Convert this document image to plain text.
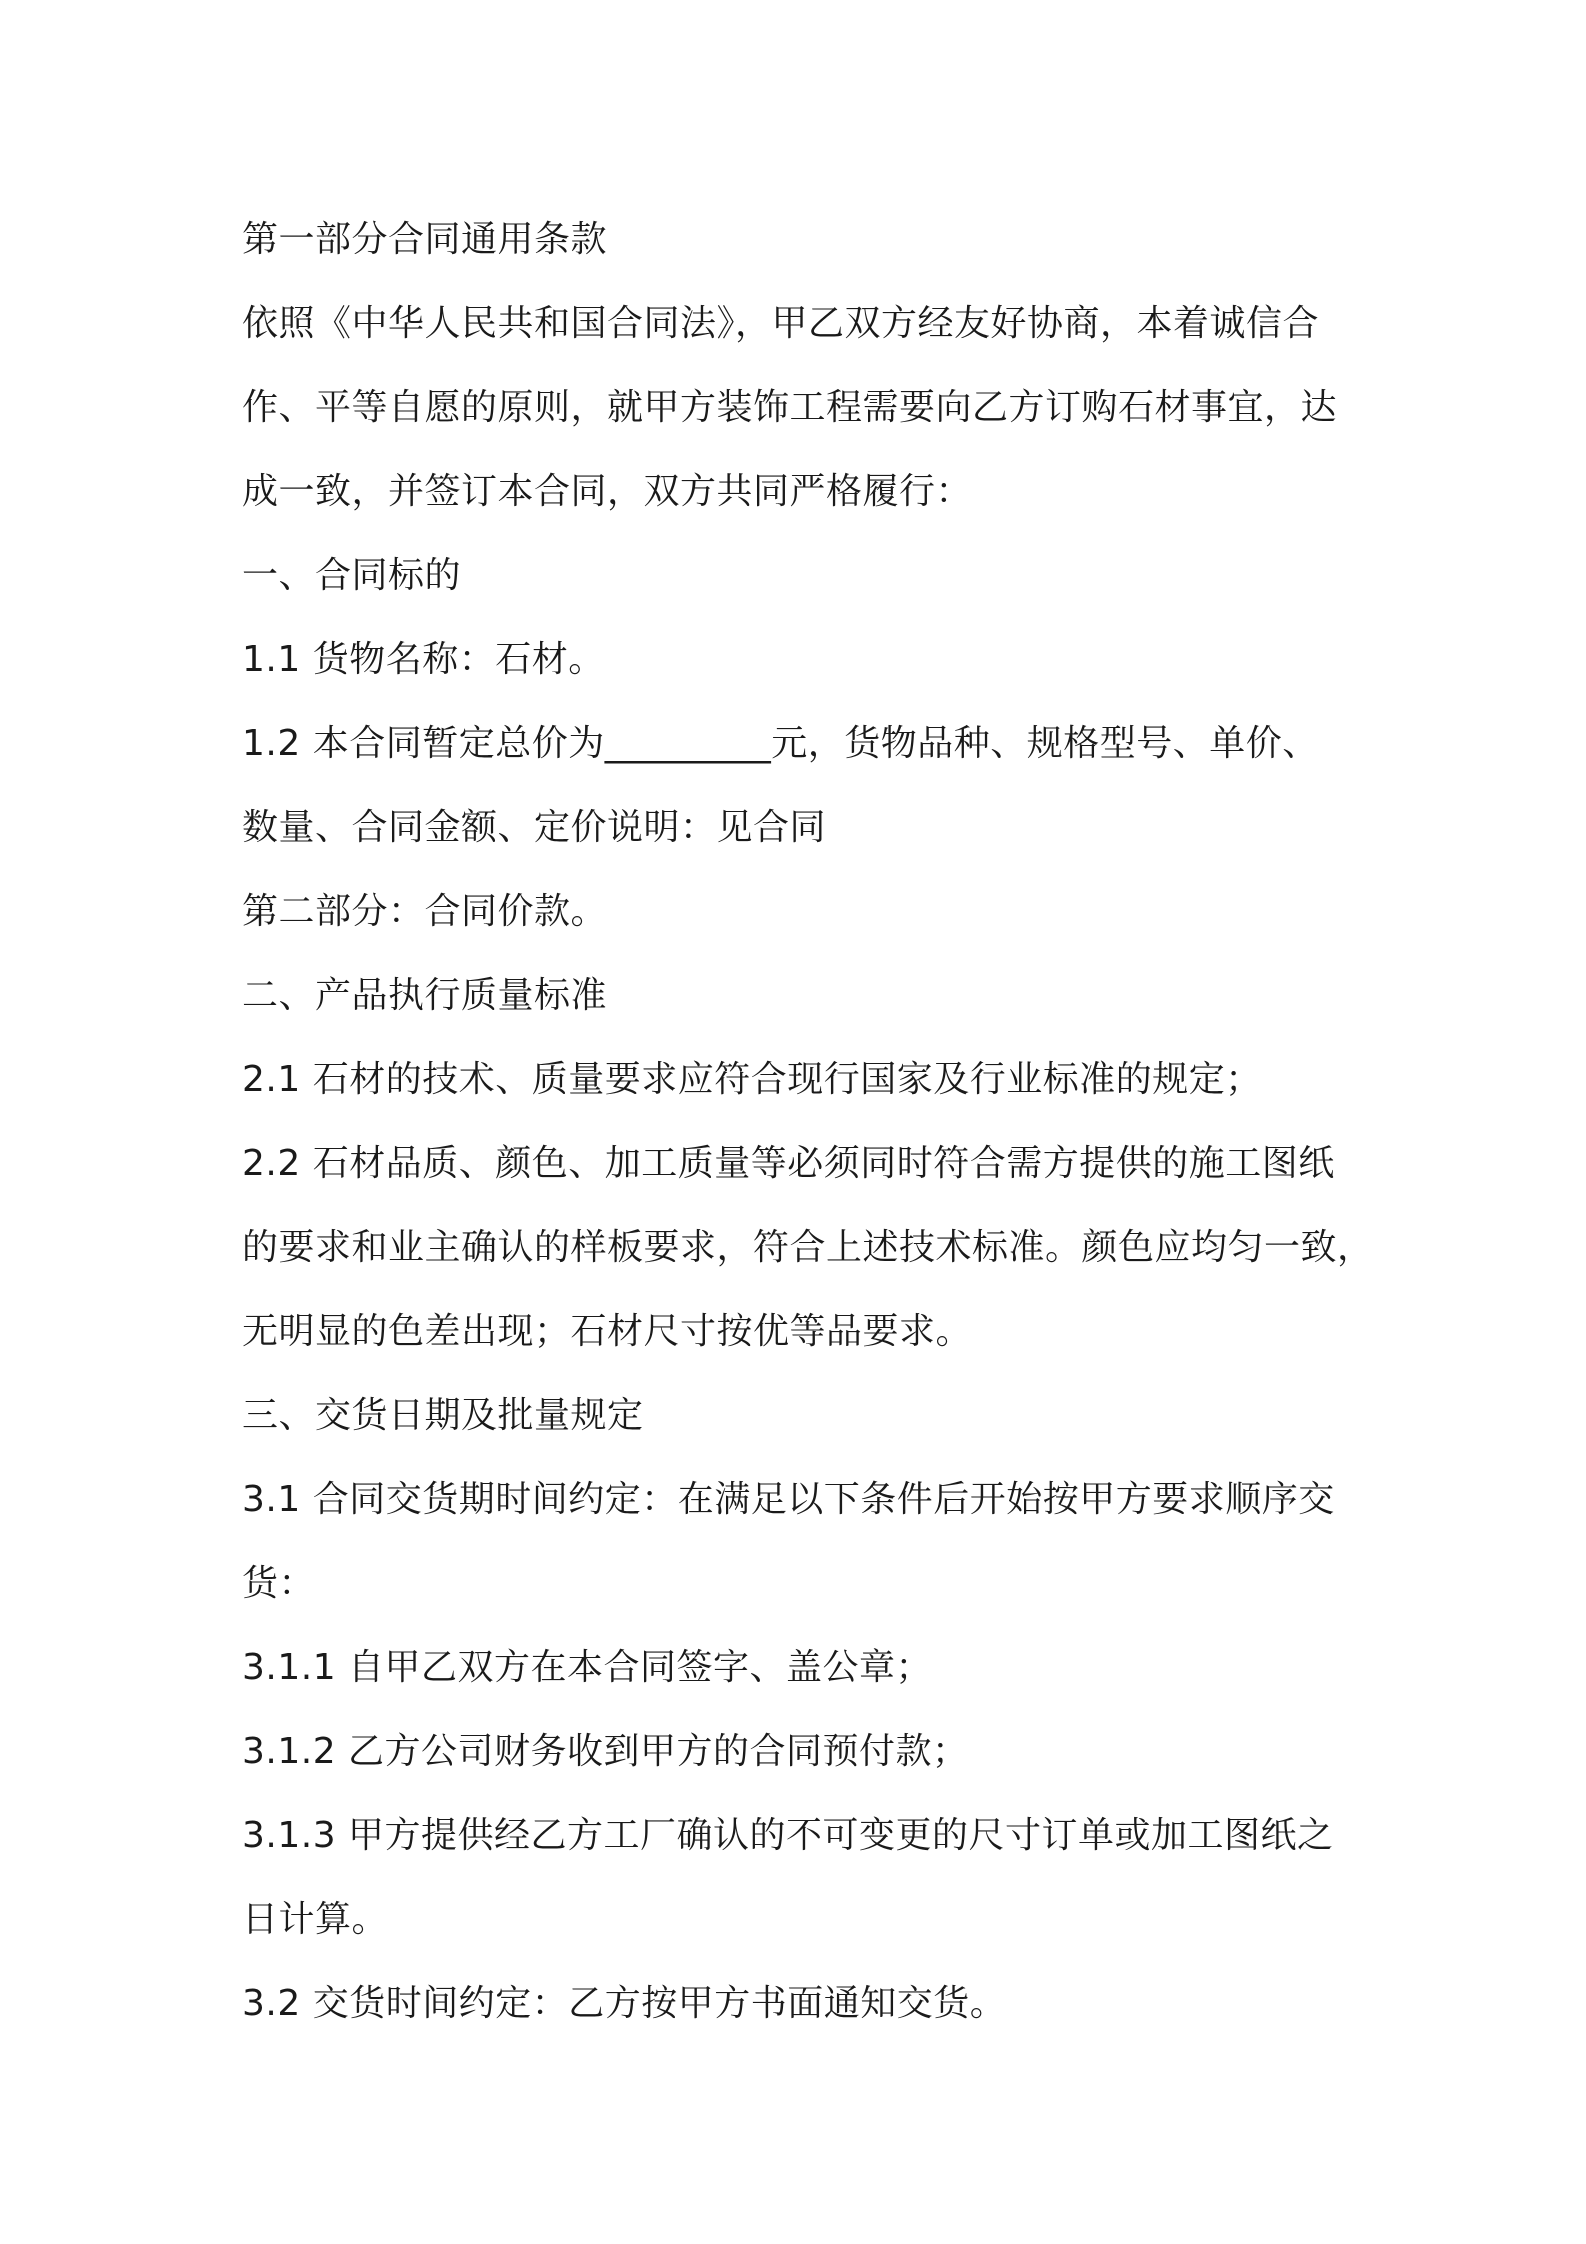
第一部分合同通用条款
依照《中华人民共和国合同法》，甲乙双方经友好协商，本着诚信合
作、平等自愿的原则，就甲方装饰工程需要向乙方订购石材事宜，达
成一致，并签订本合同，双方共同严格履行：
一、合同标的
1.1 货物名称：石材。
1.2 本合同暂定总价为_________元，货物品种、规格型号、单价、
数量、合同金额、定价说明：见合同
第二部分：合同价款。
二、产品执行质量标准
2.1 石材的技术、质量要求应符合现行国家及行业标准的规定；
2.2 石材品质、颜色、加工质量等必须同时符合需方提供的施工图纸
的要求和业主确认的样板要求，符合上述技术标准。颜色应均匀一致，
无明显的色差出现；石材尺寸按优等品要求。
三、交货日期及批量规定
3.1 合同交货期时间约定：在满足以下条件后开始按甲方要求顺序交
货：
3.1.1 自甲乙双方在本合同签字、盖公章；
3.1.2 乙方公司财务收到甲方的合同预付款；
3.1.3 甲方提供经乙方工厂确认的不可变更的尺寸订单或加工图纸之
日计算。
3.2 交货时间约定：乙方按甲方书面通知交货。
